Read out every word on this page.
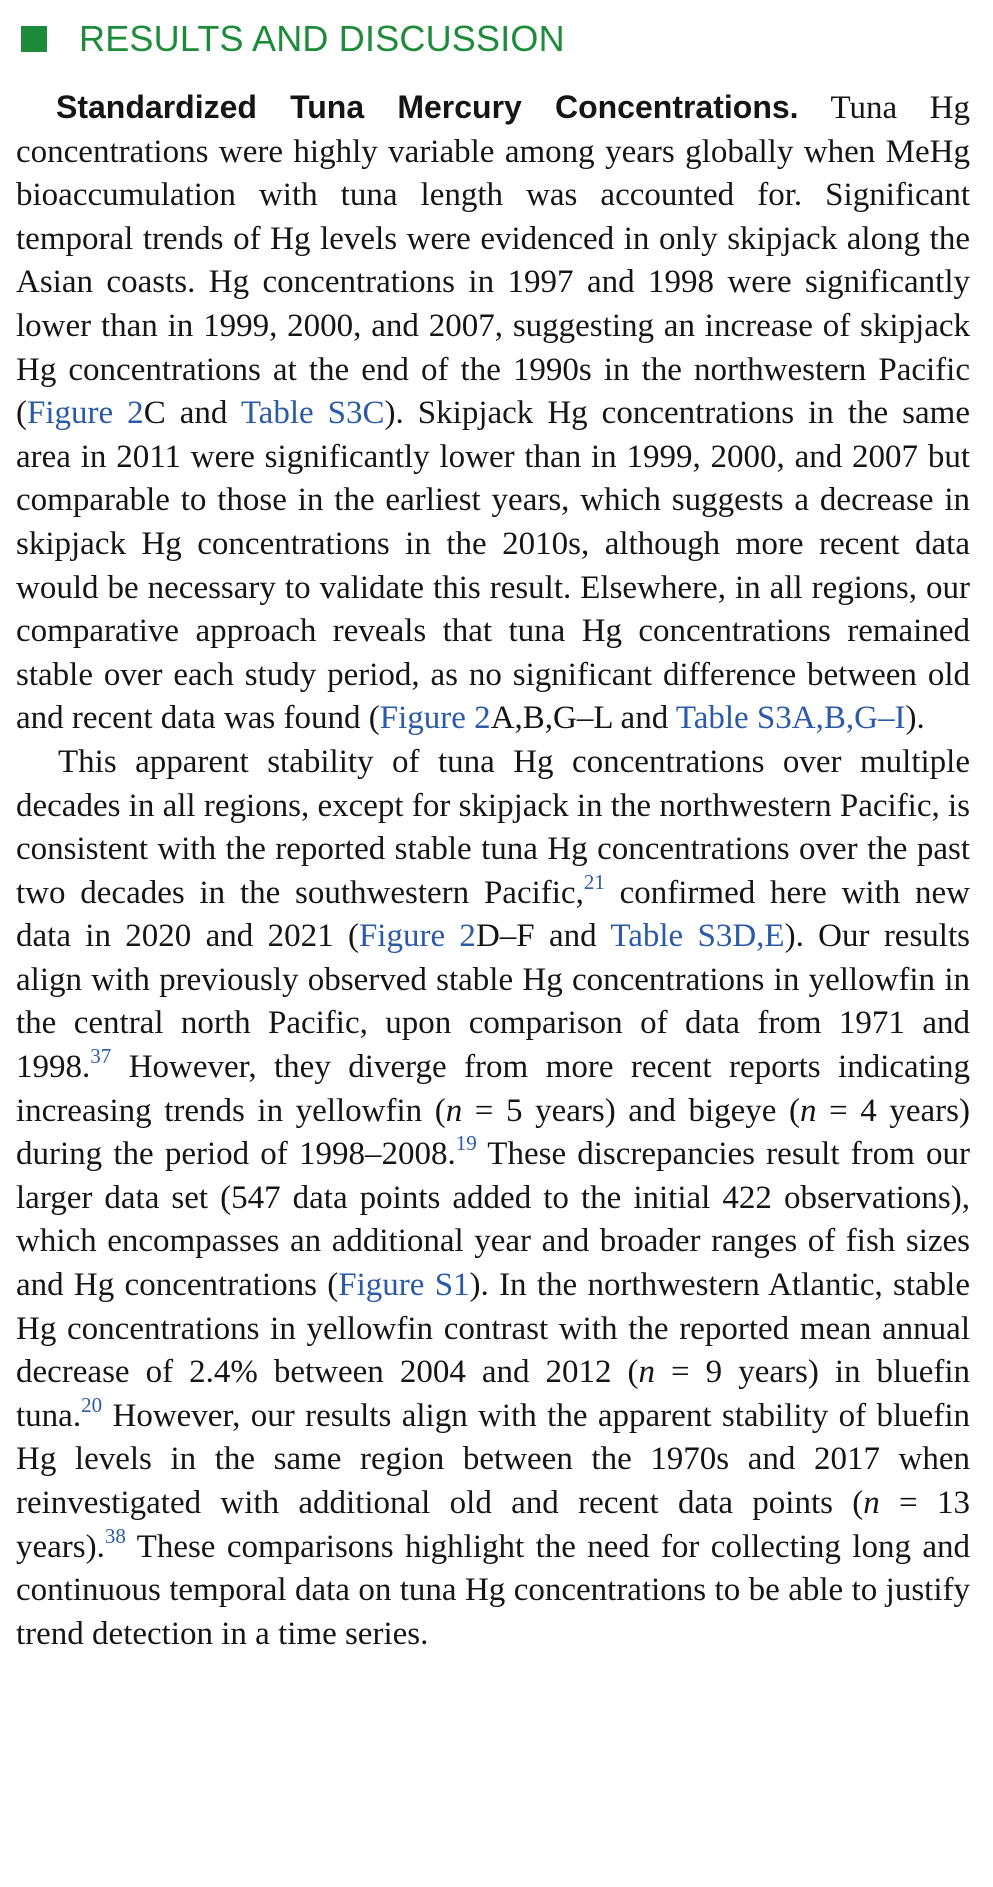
RESULTS AND DISCUSSION

Standardized Tuna Mercury Concentrations. Tuna Hg concentrations were highly variable among years globally when MeHg bioaccumulation with tuna length was accounted for. Significant temporal trends of Hg levels were evidenced in only skipjack along the Asian coasts. Hg concentrations in 1997 and 1998 were significantly lower than in 1999, 2000, and 2007, suggesting an increase of skipjack Hg concentrations at the end of the 1990s in the northwestern Pacific (Figure 2C and Table S3C). Skipjack Hg concentrations in the same area in 2011 were significantly lower than in 1999, 2000, and 2007 but comparable to those in the earliest years, which suggests a decrease in skipjack Hg concentrations in the 2010s, although more recent data would be necessary to validate this result. Elsewhere, in all regions, our comparative approach reveals that tuna Hg concentrations remained stable over each study period, as no significant difference between old and recent data was found (Figure 2A,B,G–L and Table S3A,B,G–I).

This apparent stability of tuna Hg concentrations over multiple decades in all regions, except for skipjack in the northwestern Pacific, is consistent with the reported stable tuna Hg concentrations over the past two decades in the southwestern Pacific,$^{21}$ confirmed here with new data in 2020 and 2021 (Figure 2D–F and Table S3D,E). Our results align with previously observed stable Hg concentrations in yellowfin in the central north Pacific, upon comparison of data from 1971 and 1998.37 However, they diverge from more recent reports indicating increasing trends in yellowfin (n = 5 years) and bigeye (n = 4 years) during the period of 1998–2008.19 These discrepancies result from our larger data set (547 data points added to the initial 422 observations), which encompasses an additional year and broader ranges of fish sizes and Hg concentrations (Figure S1). In the northwestern Atlantic, stable Hg concentrations in yellowfin contrast with the reported mean annual decrease of 2.4% between 2004 and 2012 (n = 9 years) in bluefin tuna.$^{20}$ However, our results align with the apparent stability of bluefin Hg levels in the same region between the 1970s and 2017 when reinvestigated with additional old and recent data points (n = 13 years).$^{38}$ These comparisons highlight the need for collecting long and continuous temporal data on tuna Hg concentrations to be able to justify trend detection in a time series.
